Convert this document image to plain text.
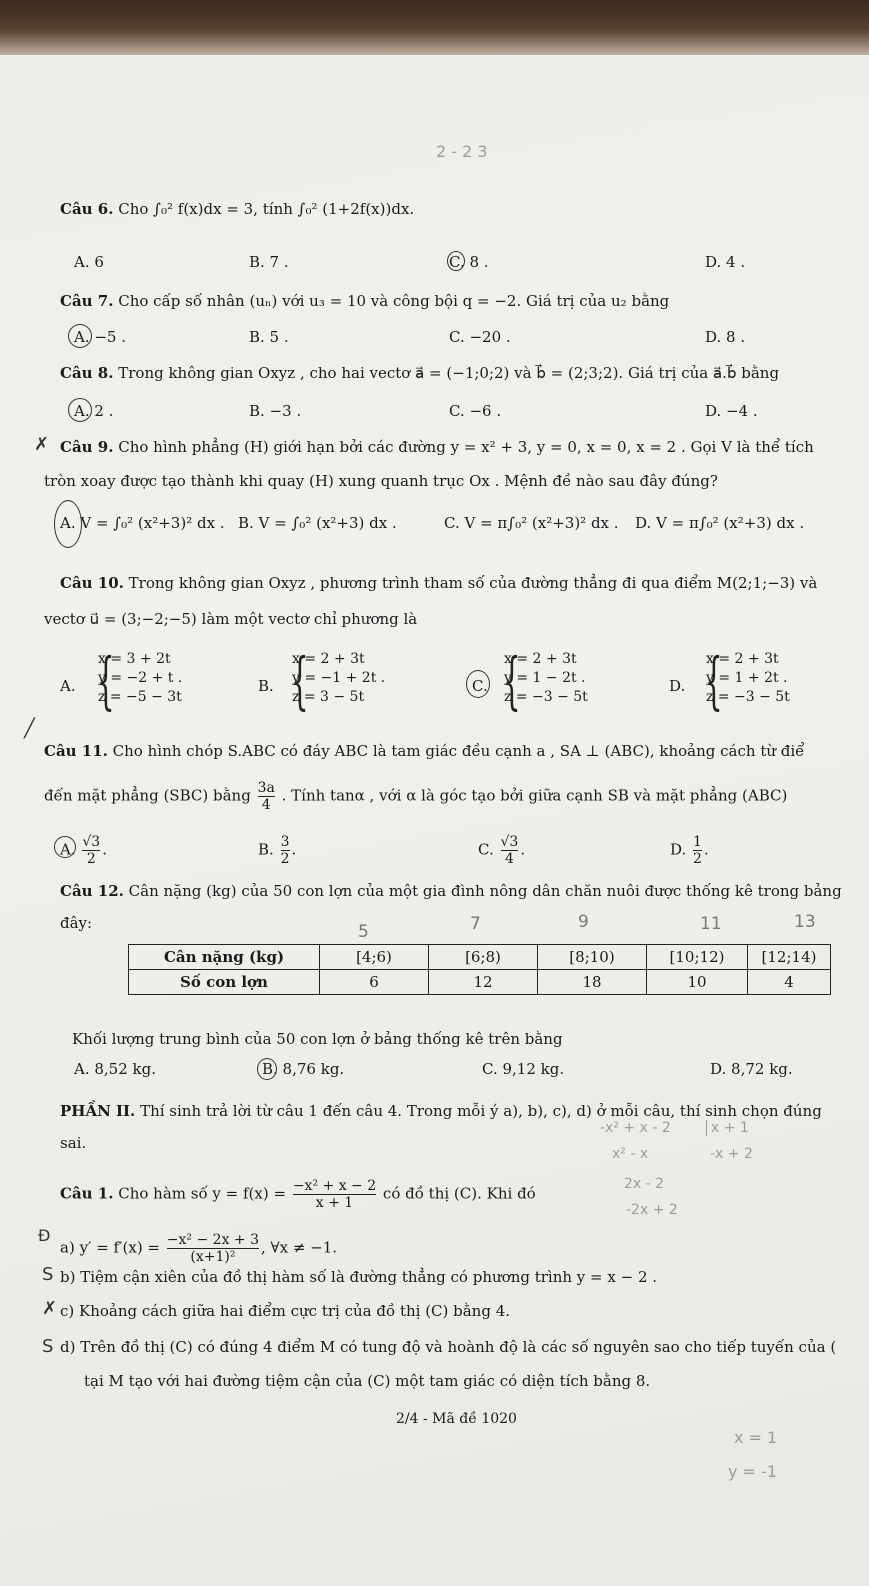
2 - 2 3
Câu 6. Cho ∫₀² f(x)dx = 3, tính ∫₀² (1+2f(x))dx.
A. 6	B. 7 .	C. 8 .	D. 4 .
Câu 7. Cho cấp số nhân (uₙ) với u₃ = 10 và công bội q = −2. Giá trị của u₂ bằng
A. −5 .	B. 5 .	C. −20 .	D. 8 .
Câu 8. Trong không gian Oxyz , cho hai vectơ a⃗ = (−1;0;2) và b⃗ = (2;3;2). Giá trị của a⃗.b⃗ bằng
A. 2 .	B. −3 .	C. −6 .	D. −4 .
✗ Câu 9. Cho hình phẳng (H) giới hạn bởi các đường y = x² + 3, y = 0, x = 0, x = 2 . Gọi V là thể tích
tròn xoay được tạo thành khi quay (H) xung quanh trục Ox . Mệnh đề nào sau đây đúng?
A. V = ∫₀² (x²+3)² dx . B. V = ∫₀² (x²+3) dx .	C. V = π∫₀² (x²+3)² dx . D. V = π∫₀² (x²+3) dx .
Câu 10. Trong không gian Oxyz , phương trình tham số của đường thẳng đi qua điểm M(2;1;−3) và
vectơ u⃗ = (3;−2;−5) làm một vectơ chỉ phương là
A. {
x = 3 + 2t
y = −2 + t .
z = −5 − 3t
B. {
x = 2 + 3t
y = −1 + 2t .
z = 3 − 5t
C. {
x = 2 + 3t
y = 1 − 2t .
z = −3 − 5t
D. {
x = 2 + 3t
y = 1 + 2t .
z = −3 − 5t
╱
Câu 11. Cho hình chóp S.ABC có đáy ABC là tam giác đều cạnh a , SA ⊥ (ABC), khoảng cách từ điể
đến mặt phẳng (SBC) bằng $\frac{3a}{4}$ . Tính tanα , với α là góc tạo bởi giữa cạnh SB và mặt phẳng (ABC)
A. $\frac{√3}{2}$ .	B. $\frac{3}{2}$ .	C. $\frac{√3}{4}$ .	D. $\frac{1}{2}$ .
Câu 12. Cân nặng (kg) của 50 con lợn của một gia đình nông dân chăn nuôi được thống kê trong bảng
đây:	5	7	9	11	13
Cân nặng (kg)	[4;6)	[6;8)	[8;10)	[10;12)	[12;14)
Số con lợn	6	12	18	10	4
Khối lượng trung bình của 50 con lợn ở bảng thống kê trên bằng
A. 8,52 kg.	B. 8,76 kg.	C. 9,12 kg.	D. 8,72 kg.
PHẦN II. Thí sinh trả lời từ câu 1 đến câu 4. Trong mỗi ý a), b), c), d) ở mỗi câu, thí sinh chọn đúng
sai.
Câu 1. Cho hàm số $y = f(x) = \frac{\text{−x² + x − 2}}{x + 1}$ có đồ thị (C). Khi đó
a) $y' = f'(x) = \frac{\text{−x² − 2x + 3}}{\text{(x+1)²}}$ , ∀x ≠ −1.
Đ
S b) Tiệm cận xiên của đồ thị hàm số là đường thẳng có phương trình y = x − 2 .
✗ c) Khoảng cách giữa hai điểm cực trị của đồ thị (C) bằng 4.
S d) Trên đồ thị (C) có đúng 4 điểm M có tung độ và hoành độ là các số nguyên sao cho tiếp tuyến của (
tại M tạo với hai đường tiệm cận của (C) một tam giác có diện tích bằng 8.
2/4 - Mã đề 1020
-x² + x - 2
x² - x
2x - 2
-2x + 2
x + 1
-x + 2
x = 1
y = -1
